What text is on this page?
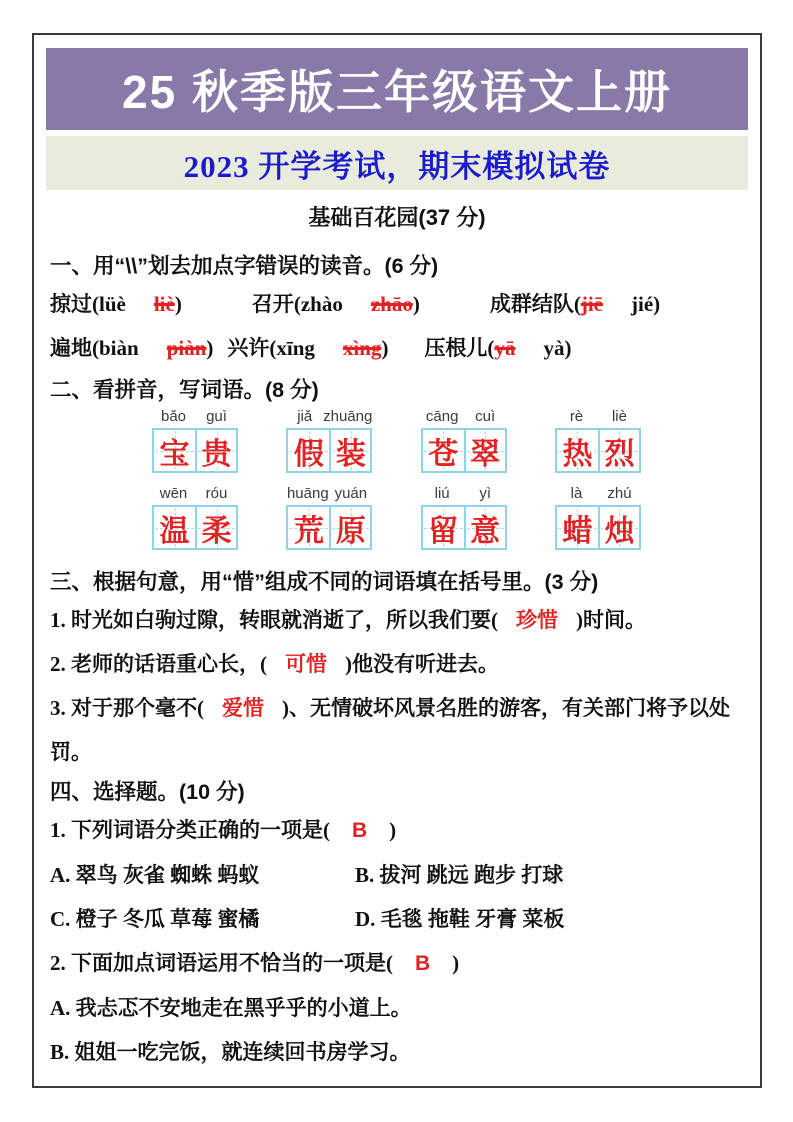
25 秋季版三年级语文上册
2023 开学考试，期末模拟试卷
基础百花园(37 分)
一、用“\\”划去加点字错误的读音。(6 分)
掠过(lüè liè)	召开(zhào zhāo)	成群结队(jiē jié)
遍地(biàn piàn) 兴许(xīng xìng) 压根儿(yā yà)
二、看拼音，写词语。(8 分)
bǎo	guì
宝 贵
jiǎ zhuāng
假 装
cāng	cuì
苍 翠
rè	liè
热 烈
wēn	róu
温 柔
huāng yuán
荒 原
liú	yì
留 意
là	zhú
蜡 烛
三、根据句意，用“惜”组成不同的词语填在括号里。(3 分)
1. 时光如白驹过隙，转眼就消逝了，所以我们要( 珍惜 )时间。
2. 老师的话语重心长，( 可惜 )他没有听进去。
3. 对于那个毫不( 爱惜 )、无情破坏风景名胜的游客，有关部门将予以处罚。
四、选择题。(10 分)
1. 下列词语分类正确的一项是( B )
A. 翠鸟 灰雀 蜘蛛 蚂蚁	B. 拔河 跳远 跑步 打球
C. 橙子 冬瓜 草莓 蜜橘	D. 毛毯 拖鞋 牙膏 菜板
2. 下面加点词语运用不恰当的一项是( B )
A. 我忐忑不安地走在黑乎乎的小道上。
B. 姐姐一吃完饭，就连续回书房学习。
